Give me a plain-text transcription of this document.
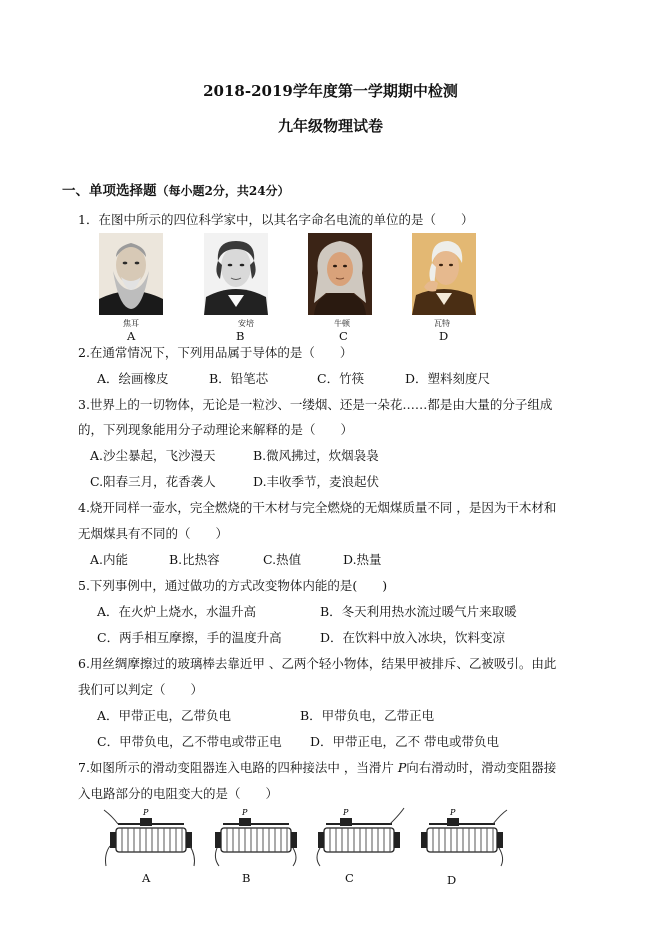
2018-2019学年度第一学期期中检测
九年级物理试卷
一、单项选择题（每小题2分，共24分）
1．在图中所示的四位科学家中，以其名字命名电流的单位的是（　　）
焦耳
A
安培
B
牛顿
C
瓦特
D
2.在通常情况下，下列用品属于导体的是（　　）
A．绘画橡皮	B．铅笔芯	C．竹筷	D．塑料刻度尺
3.世界上的一切物体，无论是一粒沙、一缕烟、还是一朵花……都是由大量的分子组成
的，下列现象能用分子动理论来解释的是（　　）
A.沙尘暴起，飞沙漫天	B.微风拂过，炊烟袅袅
C.阳春三月，花香袭人	D.丰收季节，麦浪起伏
4.烧开同样一壶水，完全燃烧的干木材与完全燃烧的无烟煤质量不同 ，是因为干木材和
无烟煤具有不同的（　　）
A.内能	B.比热容	C.热值	D.热量
5.下列事例中，通过做功的方式改变物体内能的是(　　)
A．在火炉上烧水，水温升高	B．冬天利用热水流过暖气片来取暖
C．两手相互摩擦，手的温度升高	D．在饮料中放入冰块，饮料变凉
6.用丝绸摩擦过的玻璃棒去靠近甲 、乙两个轻小物体，结果甲被排斥、乙被吸引。由此
我们可以判定（　　）
A．甲带正电，乙带负电	B．甲带负电，乙带正电
C．甲带负电，乙不带电或带正电 D．甲带正电，乙不 带电或带负电
7.如图所示的滑动变阻器连入电路的四种接法中 ，当滑片 P向右滑动时，滑动变阻器接
入电路部分的电阻变大的是（　　）
P
A
P
B
P
C
P
D
